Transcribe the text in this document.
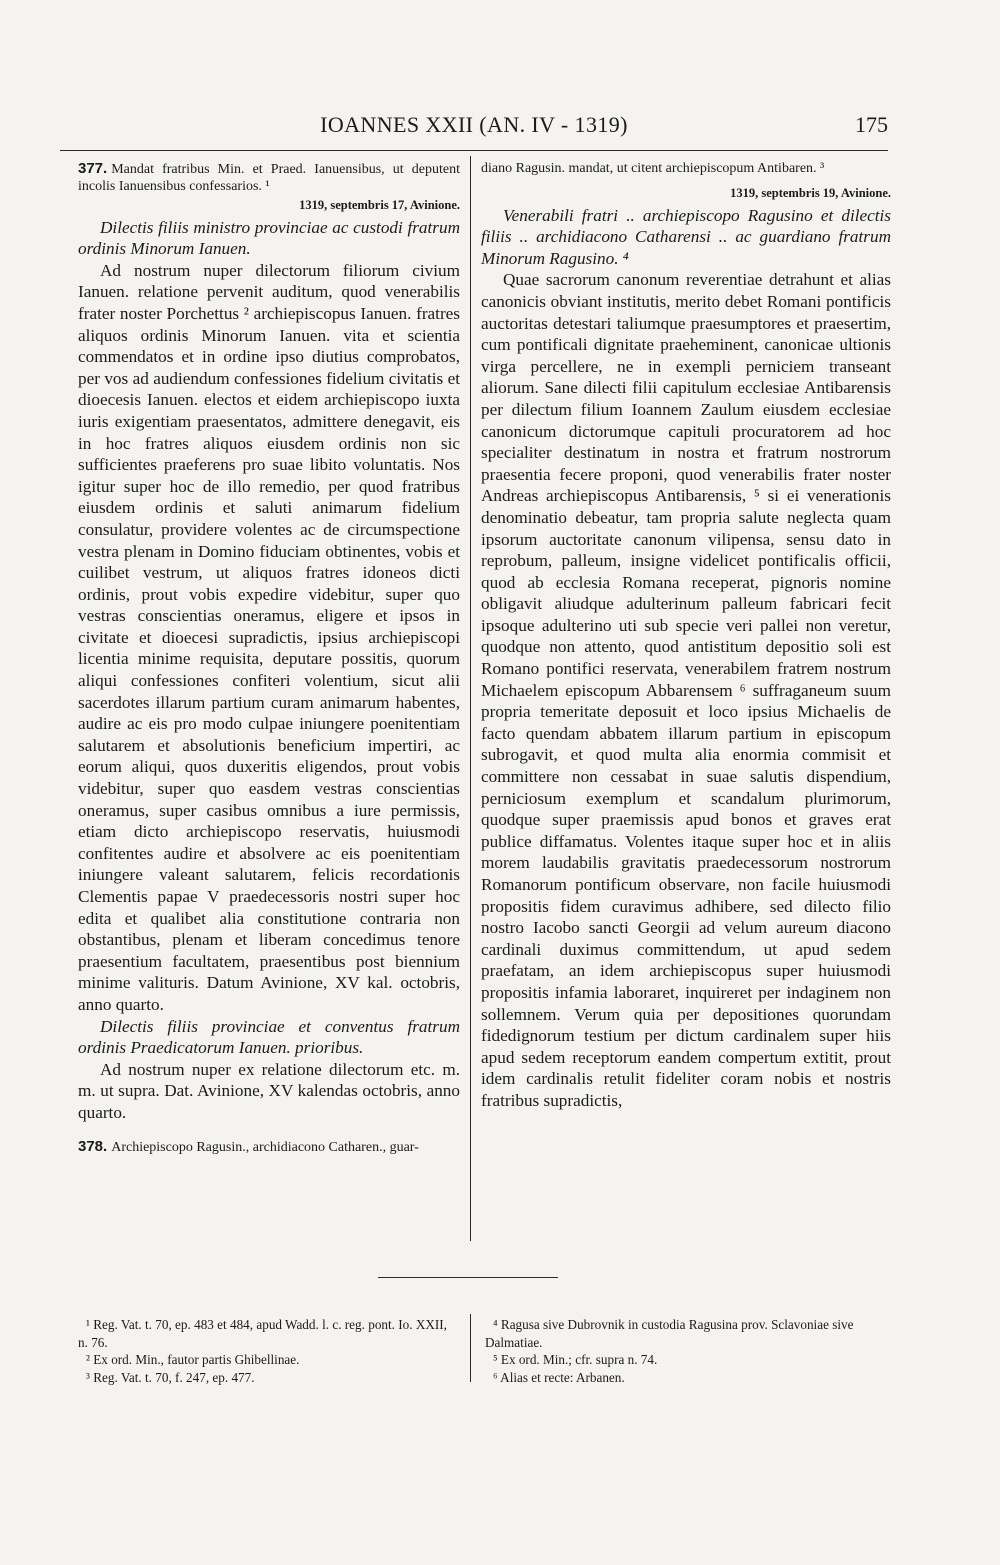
IOANNES XXII (AN. IV - 1319)	175

377. Mandat fratribus Min. et Praed. Ianuensibus, ut deputent incolis Ianuensibus confessarios. ¹

1319, septembris 17, Avinione.

Dilectis filiis ministro provinciae ac custodi fratrum ordinis Minorum Ianuen.

Ad nostrum nuper dilectorum filiorum civium Ianuen. relatione pervenit auditum, quod venerabilis frater noster Porchettus ² archiepiscopus Ianuen. fratres aliquos ordinis Minorum Ianuen. vita et scientia commendatos et in ordine ipso diutius comprobatos, per vos ad audiendum confessiones fidelium civitatis et dioecesis Ianuen. electos et eidem archiepiscopo iuxta iuris exigentiam praesentatos, admittere denegavit, eis in hoc fratres aliquos eiusdem ordinis non sic sufficientes praeferens pro suae libito voluntatis. Nos igitur super hoc de illo remedio, per quod fratribus eiusdem ordinis et saluti animarum fidelium consulatur, providere volentes ac de circumspectione vestra plenam in Domino fiduciam obtinentes, vobis et cuilibet vestrum, ut aliquos fratres idoneos dicti ordinis, prout vobis expedire videbitur, super quo vestras conscientias oneramus, eligere et ipsos in civitate et dioecesi supradictis, ipsius archiepiscopi licentia minime requisita, deputare possitis, quorum aliqui confessiones confiteri volentium, sicut alii sacerdotes illarum partium curam animarum habentes, audire ac eis pro modo culpae iniungere poenitentiam salutarem et absolutionis beneficium impertiri, ac eorum aliqui, quos duxeritis eligendos, prout vobis videbitur, super quo easdem vestras conscientias oneramus, super casibus omnibus a iure permissis, etiam dicto archiepiscopo reservatis, huiusmodi confitentes audire et absolvere ac eis poenitentiam iniungere valeant salutarem, felicis recordationis Clementis papae V praedecessoris nostri super hoc edita et qualibet alia constitutione contraria non obstantibus, plenam et liberam concedimus tenore praesentium facultatem, praesentibus post biennium minime valituris. Datum Avinione, XV kal. octobris, anno quarto.

Dilectis filiis provinciae et conventus fratrum ordinis Praedicatorum Ianuen. prioribus.

Ad nostrum nuper ex relatione dilectorum etc. m. m. ut supra. Dat. Avinione, XV kalendas octobris, anno quarto.

378. Archiepiscopo Ragusin., archidiacono Catharen., guar-

diano Ragusin. mandat, ut citent archiepiscopum Antibaren. ³

1319, septembris 19, Avinione.

Venerabili fratri .. archiepiscopo Ragusino et dilectis filiis .. archidiacono Catharensi .. ac guardiano fratrum Minorum Ragusino. ⁴

Quae sacrorum canonum reverentiae detrahunt et alias canonicis obviant institutis, merito debet Romani pontificis auctoritas detestari taliumque praesumptores et praesertim, cum pontificali dignitate praeheminent, canonicae ultionis virga percellere, ne in exempli perniciem transeant aliorum. Sane dilecti filii capitulum ecclesiae Antibarensis per dilectum filium Ioannem Zaulum eiusdem ecclesiae canonicum dictorumque capituli procuratorem ad hoc specialiter destinatum in nostra et fratrum nostrorum praesentia fecere proponi, quod venerabilis frater noster Andreas archiepiscopus Antibarensis, ⁵ si ei venerationis denominatio debeatur, tam propria salute neglecta quam ipsorum auctoritate canonum vilipensa, sensu dato in reprobum, palleum, insigne videlicet pontificalis officii, quod ab ecclesia Romana receperat, pignoris nomine obligavit aliudque adulterinum palleum fabricari fecit ipsoque adulterino uti sub specie veri pallei non veretur, quodque non attento, quod antistitum depositio soli est Romano pontifici reservata, venerabilem fratrem nostrum Michaelem episcopum Abbarensem ⁶ suffraganeum suum propria temeritate deposuit et loco ipsius Michaelis de facto quendam abbatem illarum partium in episcopum subrogavit, et quod multa alia enormia commisit et committere non cessabat in suae salutis dispendium, perniciosum exemplum et scandalum plurimorum, quodque super praemissis apud bonos et graves erat publice diffamatus. Volentes itaque super hoc et in aliis morem laudabilis gravitatis praedecessorum nostrorum Romanorum pontificum observare, non facile huiusmodi propositis fidem curavimus adhibere, sed dilecto filio nostro Iacobo sancti Georgii ad velum aureum diacono cardinali duximus committendum, ut apud sedem praefatam, an idem archiepiscopus super huiusmodi propositis infamia laboraret, inquireret per indaginem non sollemnem. Verum quia per depositiones quorundam fidedignorum testium per dictum cardinalem super hiis apud sedem receptorum eandem compertum extitit, prout idem cardinalis retulit fideliter coram nobis et nostris fratribus supradictis,

¹ Reg. Vat. t. 70, ep. 483 et 484, apud Wadd. l. c. reg. pont. Io. XXII, n. 76.

² Ex ord. Min., fautor partis Ghibellinae.

³ Reg. Vat. t. 70, f. 247, ep. 477.

⁴ Ragusa sive Dubrovnik in custodia Ragusina prov. Sclavoniae sive Dalmatiae.

⁵ Ex ord. Min.; cfr. supra n. 74.

⁶ Alias et recte: Arbanen.
